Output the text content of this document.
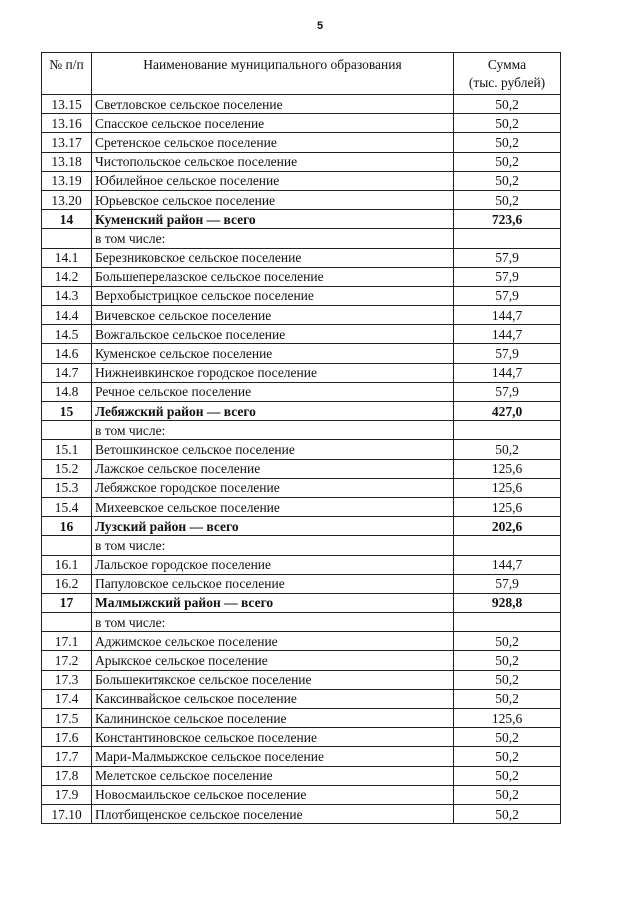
5
№ п/п	Наименование муниципального образования	Сумма
(тыс. рублей)

13.15	Светловское сельское поселение	50,2
13.16	Спасское сельское поселение	50,2
13.17	Сретенское сельское поселение	50,2
13.18	Чистопольское сельское поселение	50,2
13.19	Юбилейное сельское поселение	50,2
13.20	Юрьевское сельское поселение	50,2
14	Куменский район — всего	723,6
	в том числе:	
14.1	Березниковское сельское поселение	57,9
14.2	Большеперелазское сельское поселение	57,9
14.3	Верхобыстрицкое сельское поселение	57,9
14.4	Вичевское сельское поселение	144,7
14.5	Вожгальское сельское поселение	144,7
14.6	Куменское сельское поселение	57,9
14.7	Нижнеивкинское городское поселение	144,7
14.8	Речное сельское поселение	57,9
15	Лебяжский район — всего	427,0
	в том числе:	
15.1	Ветошкинское сельское поселение	50,2
15.2	Лажское сельское поселение	125,6
15.3	Лебяжское городское поселение	125,6
15.4	Михеевское сельское поселение	125,6
16	Лузский район — всего	202,6
	в том числе:	
16.1	Лальское городское поселение	144,7
16.2	Папуловское сельское поселение	57,9
17	Малмыжский район — всего	928,8
	в том числе:	
17.1	Аджимское сельское поселение	50,2
17.2	Арыкское сельское поселение	50,2
17.3	Большекитякское сельское поселение	50,2
17.4	Каксинвайское сельское поселение	50,2
17.5	Калининское сельское поселение	125,6
17.6	Константиновское сельское поселение	50,2
17.7	Мари-Малмыжское сельское поселение	50,2
17.8	Мелетское сельское поселение	50,2
17.9	Новосмаильское сельское поселение	50,2
17.10	Плотбищенское сельское поселение	50,2
